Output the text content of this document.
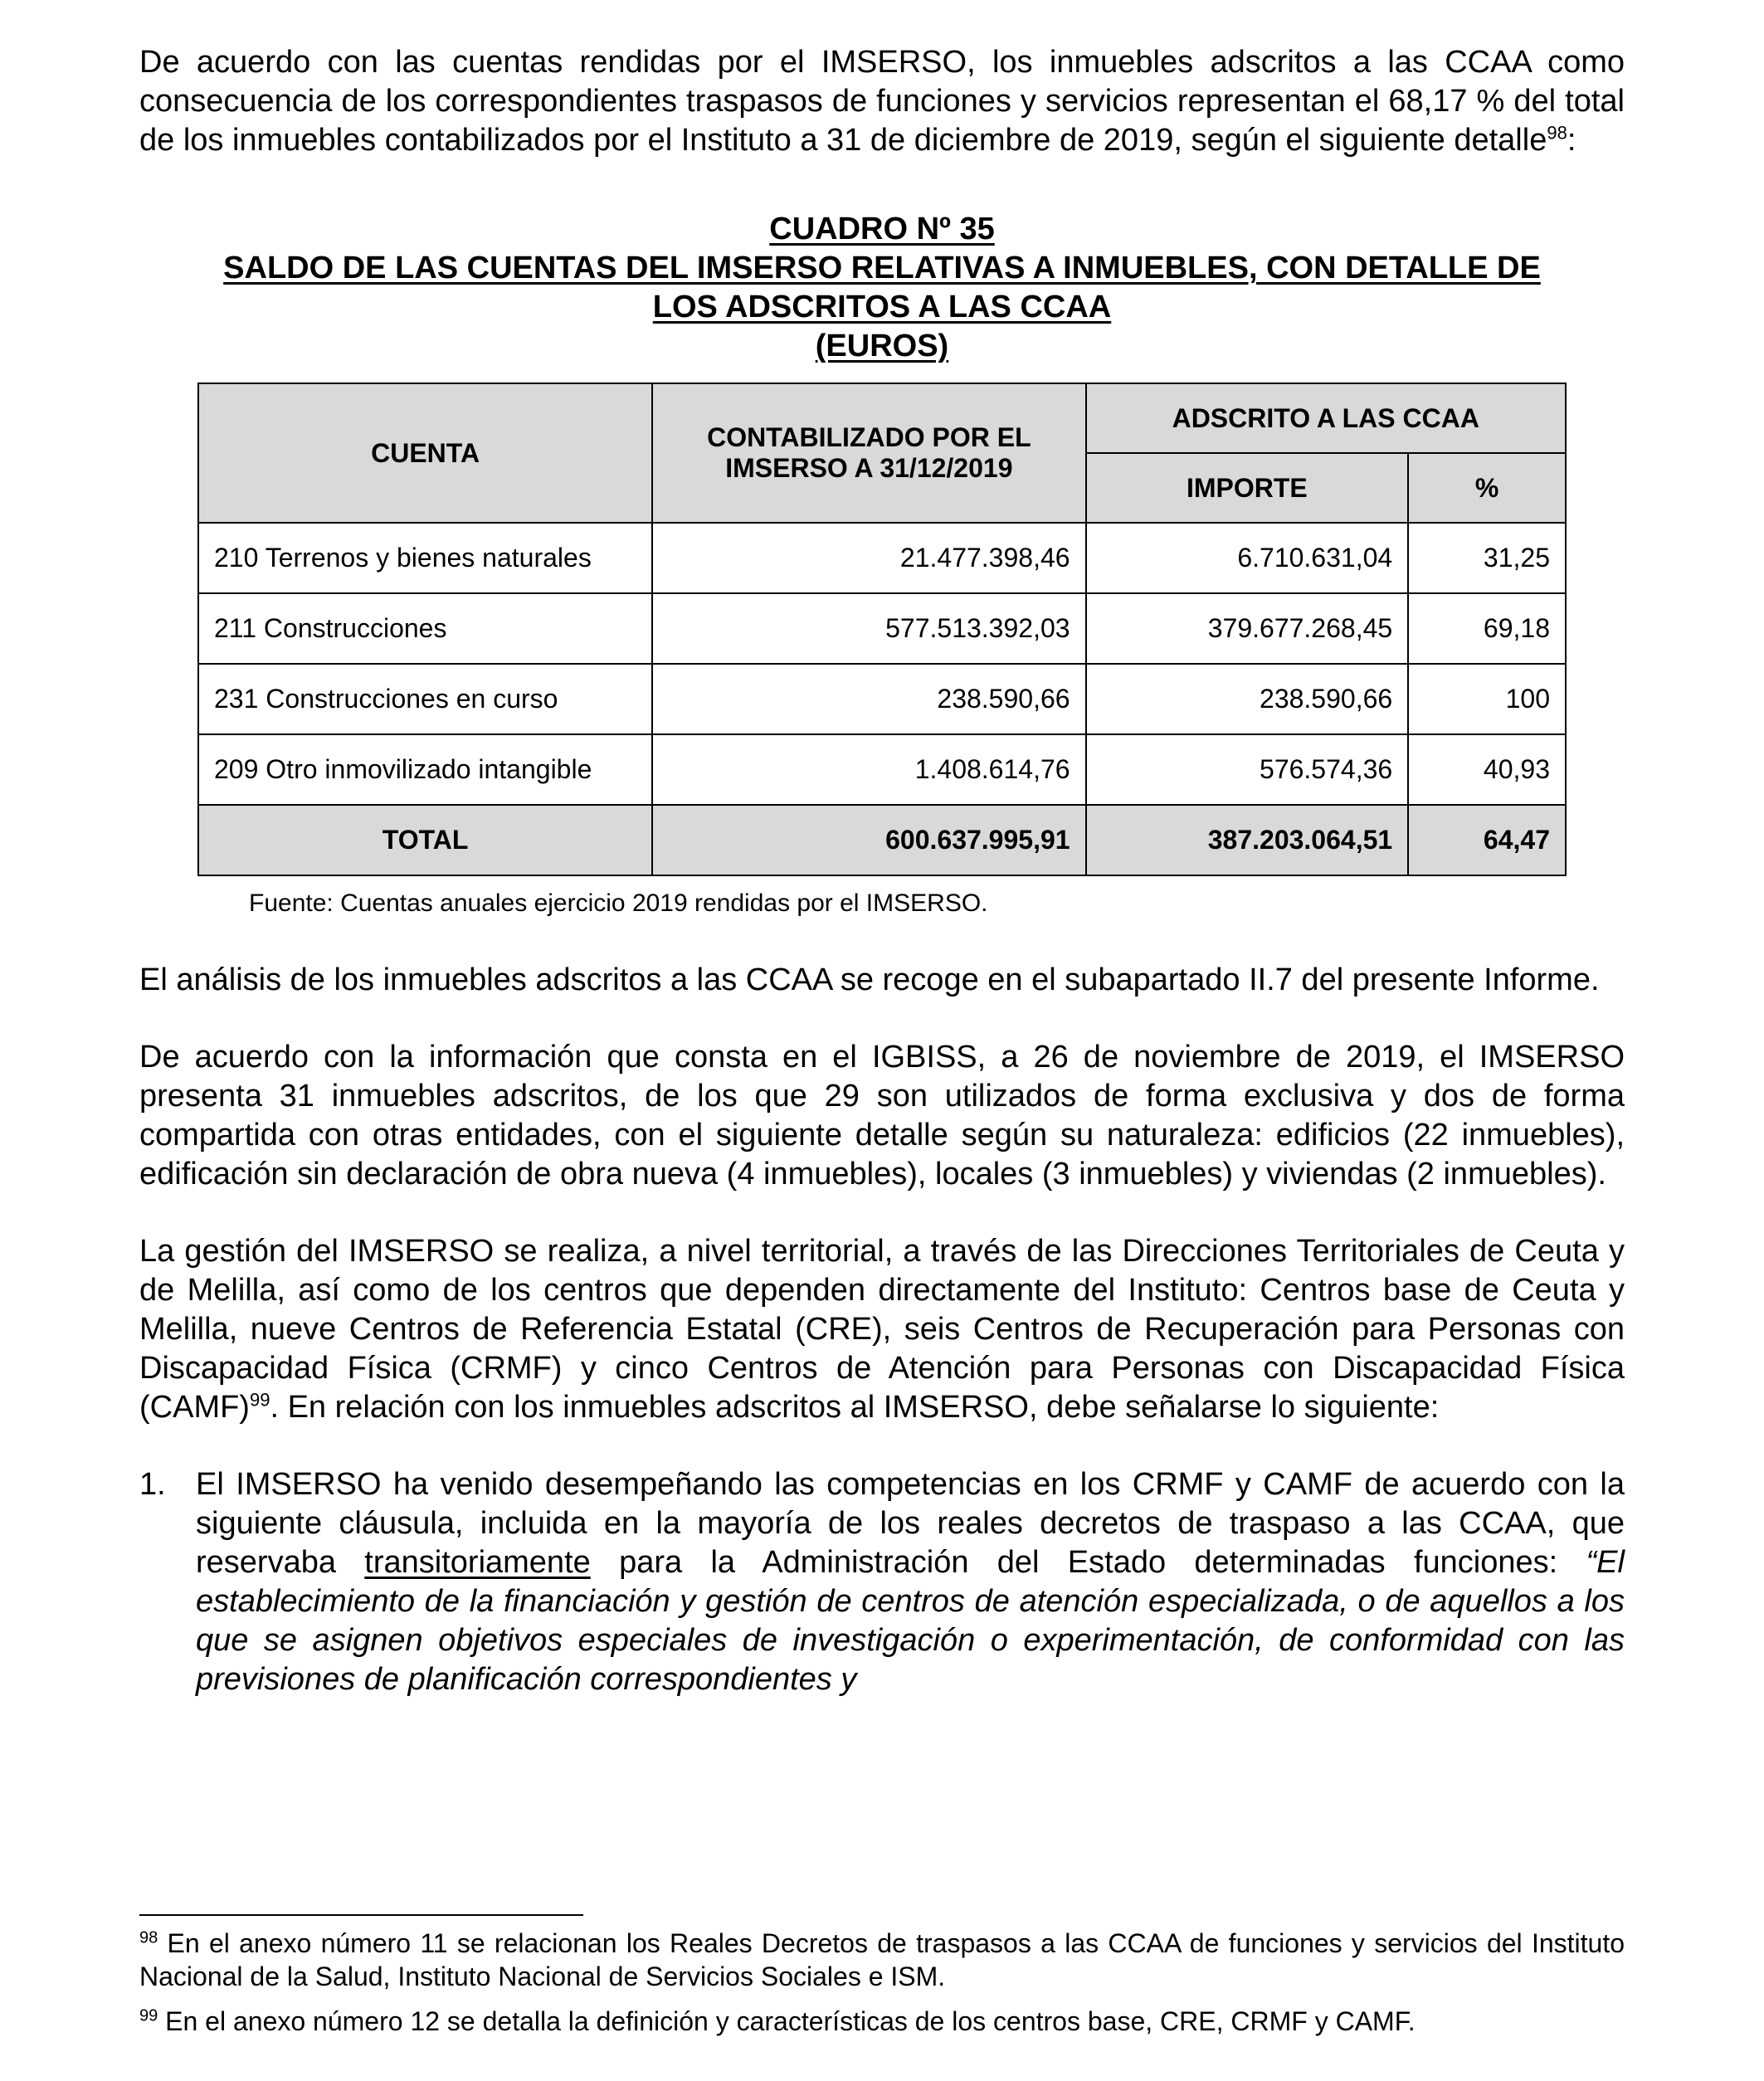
De acuerdo con las cuentas rendidas por el IMSERSO, los inmuebles adscritos a las CCAA como consecuencia de los correspondientes traspasos de funciones y servicios representan el 68,17 % del total de los inmuebles contabilizados por el Instituto a 31 de diciembre de 2019, según el siguiente detalle$^{98}$:

CUADRO Nº 35
SALDO DE LAS CUENTAS DEL IMSERSO RELATIVAS A INMUEBLES, CON DETALLE DE
LOS ADSCRITOS A LAS CCAA
(EUROS)
CUENTA	CONTABILIZADO POR EL IMSERSO A 31/12/2019	ADSCRITO A LAS CCAA	
		IMPORTE	%
210 Terrenos y bienes naturales	21.477.398,46	6.710.631,04	31,25
211 Construcciones	577.513.392,03	379.677.268,45	69,18
231 Construcciones en curso	238.590,66	238.590,66	100
209 Otro inmovilizado intangible	1.408.614,76	576.574,36	40,93
TOTAL	600.637.995,91	387.203.064,51	64,47
Fuente: Cuentas anuales ejercicio 2019 rendidas por el IMSERSO.

El análisis de los inmuebles adscritos a las CCAA se recoge en el subapartado II.7 del presente Informe.

De acuerdo con la información que consta en el IGBISS, a 26 de noviembre de 2019, el IMSERSO presenta 31 inmuebles adscritos, de los que 29 son utilizados de forma exclusiva y dos de forma compartida con otras entidades, con el siguiente detalle según su naturaleza: edificios (22 inmuebles), edificación sin declaración de obra nueva (4 inmuebles), locales (3 inmuebles) y viviendas (2 inmuebles).

La gestión del IMSERSO se realiza, a nivel territorial, a través de las Direcciones Territoriales de Ceuta y de Melilla, así como de los centros que dependen directamente del Instituto: Centros base de Ceuta y Melilla, nueve Centros de Referencia Estatal (CRE), seis Centros de Recuperación para Personas con Discapacidad Física (CRMF) y cinco Centros de Atención para Personas con Discapacidad Física (CAMF)$^{99}$. En relación con los inmuebles adscritos al IMSERSO, debe señalarse lo siguiente:

1. El IMSERSO ha venido desempeñando las competencias en los CRMF y CAMF de acuerdo con la siguiente cláusula, incluida en la mayoría de los reales decretos de traspaso a las CCAA, que reservaba transitoriamente para la Administración del Estado determinadas funciones: “El establecimiento de la financiación y gestión de centros de atención especializada, o de aquellos a los que se asignen objetivos especiales de investigación o experimentación, de conformidad con las previsiones de planificación correspondientes y
$^{98}$ En el anexo número 11 se relacionan los Reales Decretos de traspasos a las CCAA de funciones y servicios del Instituto Nacional de la Salud, Instituto Nacional de Servicios Sociales e ISM.
$^{99}$ En el anexo número 12 se detalla la definición y características de los centros base, CRE, CRMF y CAMF.
